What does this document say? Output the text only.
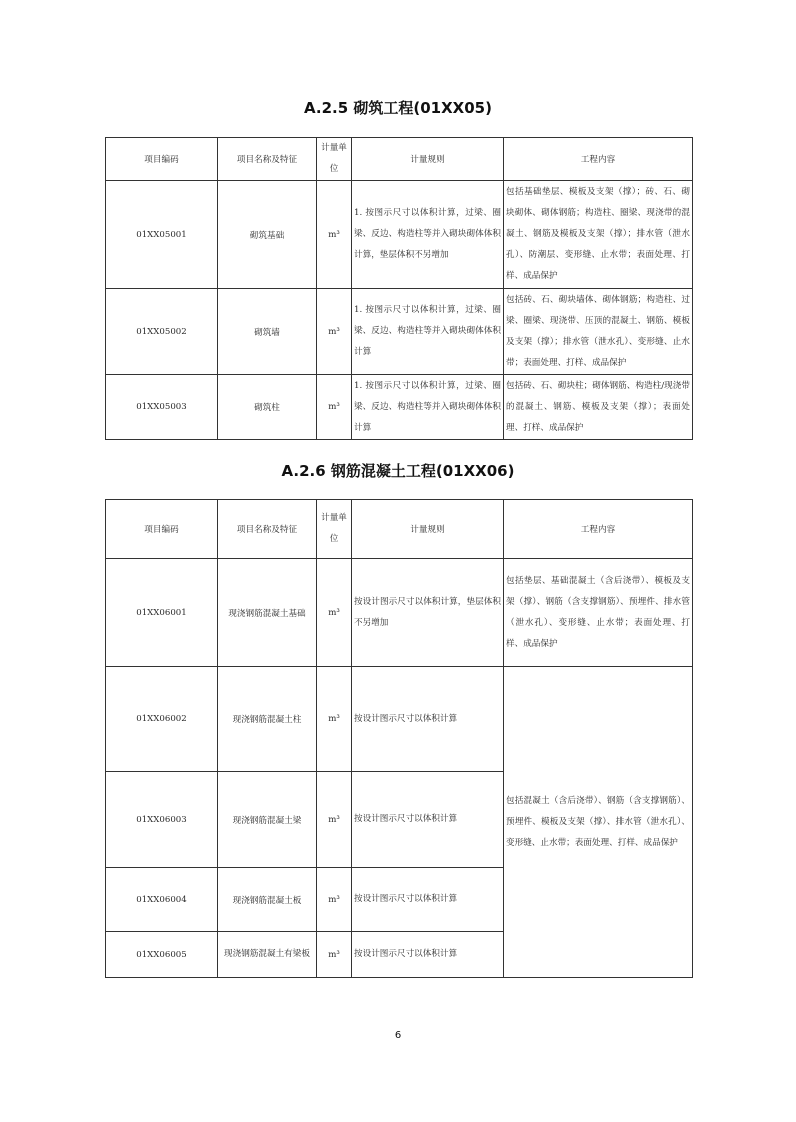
A.2.5 砌筑工程(01XX05)
项目编码	项目名称及特征	计量单位	计量规则	工程内容
01XX05001	砌筑基础	m³	1. 按图示尺寸以体积计算，过梁、圈梁、反边、构造柱等并入砌块砌体体积计算，垫层体积不另增加	包括基础垫层、模板及支架（撑）；砖、石、砌块砌体、砌体钢筋；构造柱、圈梁、现浇带的混凝土、钢筋及模板及支架（撑）；排水管（泄水孔）、防潮层、变形缝、止水带；表面处理、打样、成品保护
01XX05002	砌筑墙	m³	1. 按图示尺寸以体积计算，过梁、圈梁、反边、构造柱等并入砌块砌体体积计算	包括砖、石、砌块墙体、砌体钢筋；构造柱、过梁、圈梁、现浇带、压顶的混凝土、钢筋、模板及支架（撑）；排水管（泄水孔）、变形缝、止水带；表面处理、打样、成品保护
01XX05003	砌筑柱	m³	1. 按图示尺寸以体积计算，过梁、圈梁、反边、构造柱等并入砌块砌体体积计算	包括砖、石、砌块柱；砌体钢筋、构造柱/现浇带的混凝土、钢筋、模板及支架（撑）；表面处理、打样、成品保护
A.2.6 钢筋混凝土工程(01XX06)
项目编码	项目名称及特征	计量单位	计量规则	工程内容
01XX06001	现浇钢筋混凝土基础	m³	按设计图示尺寸以体积计算，垫层体积不另增加	包括垫层、基础混凝土（含后浇带）、模板及支架（撑）、钢筋（含支撑钢筋）、预埋件、排水管（泄水孔）、变形缝、止水带；表面处理、打样、成品保护
01XX06002	现浇钢筋混凝土柱	m³	按设计图示尺寸以体积计算	包括混凝土（含后浇带）、钢筋（含支撑钢筋）、预埋件、模板及支架（撑）、排水管（泄水孔）、变形缝、止水带；表面处理、打样、成品保护
01XX06003	现浇钢筋混凝土梁	m³	按设计图示尺寸以体积计算	
01XX06004	现浇钢筋混凝土板	m³	按设计图示尺寸以体积计算	
01XX06005	现浇钢筋混凝土有梁板	m³	按设计图示尺寸以体积计算	
6
